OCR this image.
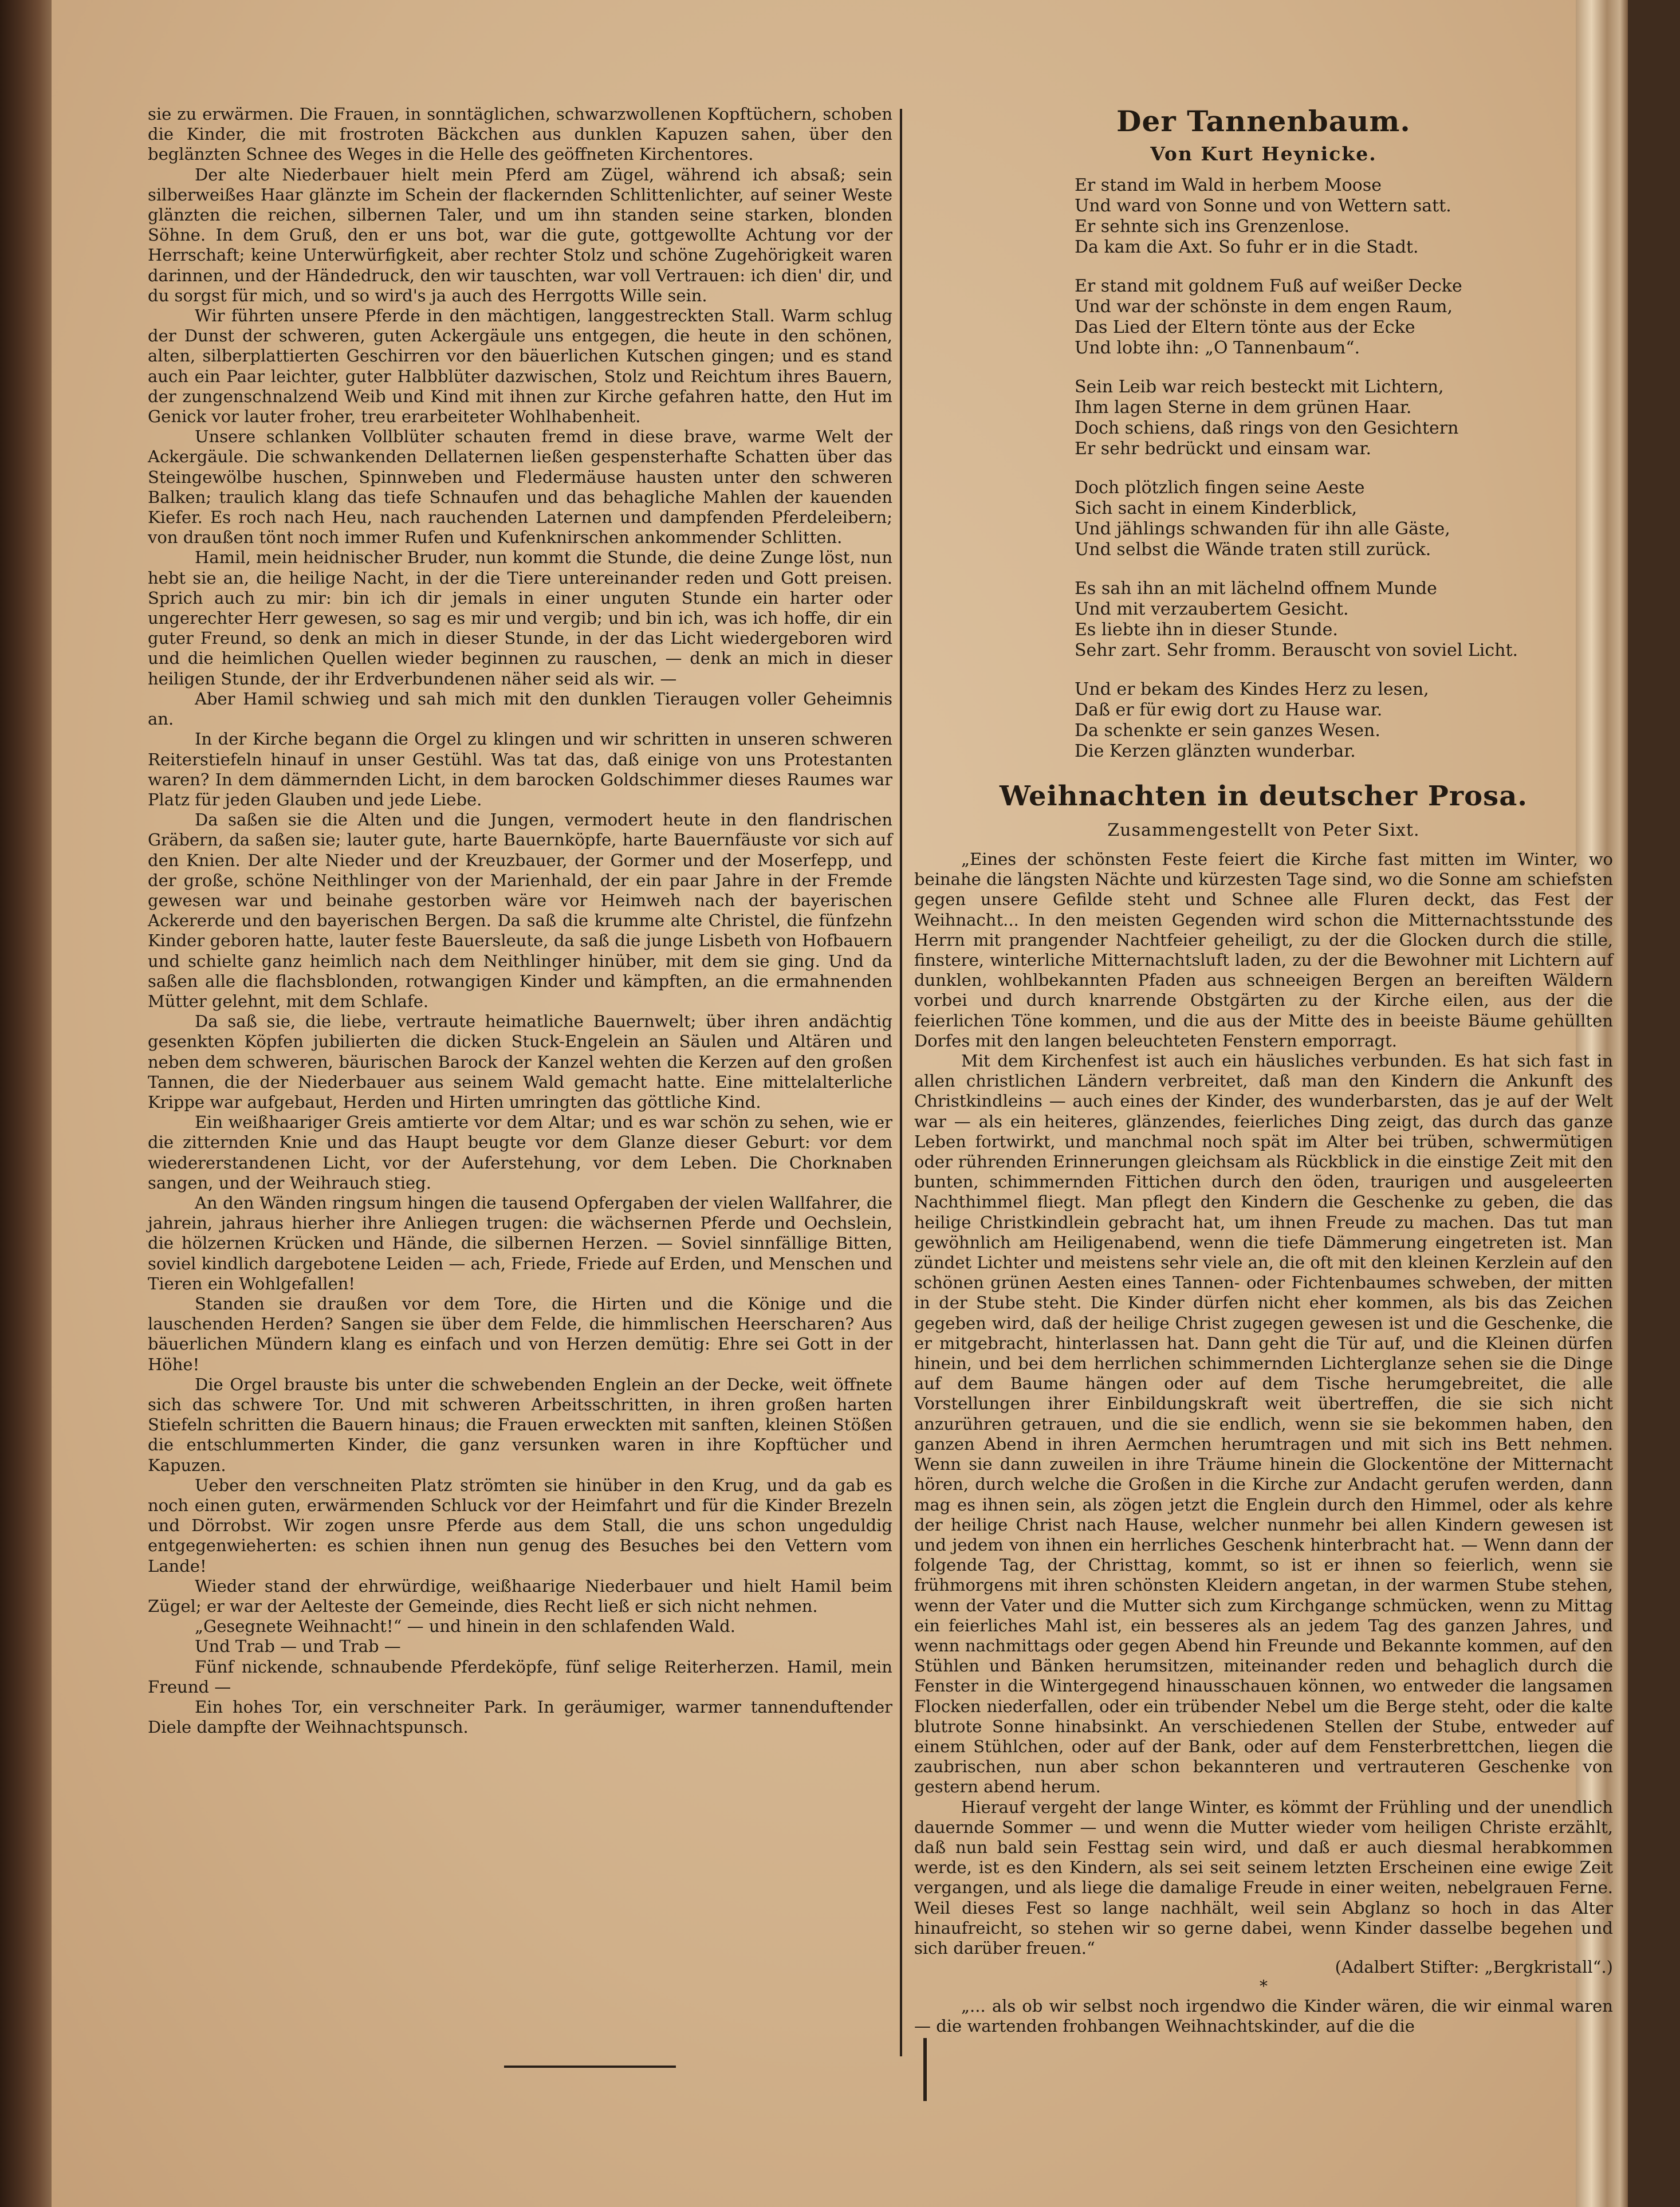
sie zu erwärmen. Die Frauen, in sonntäglichen, schwarzwollenen Kopftüchern, schoben die Kinder, die mit frostroten Bäckchen aus dunklen Kapuzen sahen, über den beglänzten Schnee des Weges in die Helle des geöffneten Kirchentores.

Der alte Niederbauer hielt mein Pferd am Zügel, während ich absaß; sein silberweißes Haar glänzte im Schein der flackernden Schlittenlichter, auf seiner Weste glänzten die reichen, silbernen Taler, und um ihn standen seine starken, blonden Söhne. In dem Gruß, den er uns bot, war die gute, gottgewollte Achtung vor der Herrschaft; keine Unterwürfigkeit, aber rechter Stolz und schöne Zugehörigkeit waren darinnen, und der Händedruck, den wir tauschten, war voll Vertrauen: ich dien' dir, und du sorgst für mich, und so wird's ja auch des Herrgotts Wille sein.

Wir führten unsere Pferde in den mächtigen, langgestreckten Stall. Warm schlug der Dunst der schweren, guten Ackergäule uns entgegen, die heute in den schönen, alten, silberplattierten Geschirren vor den bäuerlichen Kutschen gingen; und es stand auch ein Paar leichter, guter Halbblüter dazwischen, Stolz und Reichtum ihres Bauern, der zungenschnalzend Weib und Kind mit ihnen zur Kirche gefahren hatte, den Hut im Genick vor lauter froher, treu erarbeiteter Wohlhabenheit.

Unsere schlanken Vollblüter schauten fremd in diese brave, warme Welt der Ackergäule. Die schwankenden Dellaternen ließen gespensterhafte Schatten über das Steingewölbe huschen, Spinnweben und Fledermäuse hausten unter den schweren Balken; traulich klang das tiefe Schnaufen und das behagliche Mahlen der kauenden Kiefer. Es roch nach Heu, nach rauchenden Laternen und dampfenden Pferdeleibern; von draußen tönt noch immer Rufen und Kufenknirschen ankommender Schlitten.

Hamil, mein heidnischer Bruder, nun kommt die Stunde, die deine Zunge löst, nun hebt sie an, die heilige Nacht, in der die Tiere untereinander reden und Gott preisen. Sprich auch zu mir: bin ich dir jemals in einer unguten Stunde ein harter oder ungerechter Herr gewesen, so sag es mir und vergib; und bin ich, was ich hoffe, dir ein guter Freund, so denk an mich in dieser Stunde, in der das Licht wiedergeboren wird und die heimlichen Quellen wieder beginnen zu rauschen, — denk an mich in dieser heiligen Stunde, der ihr Erdverbundenen näher seid als wir. —

Aber Hamil schwieg und sah mich mit den dunklen Tieraugen voller Geheimnis an.

In der Kirche begann die Orgel zu klingen und wir schritten in unseren schweren Reiterstiefeln hinauf in unser Gestühl. Was tat das, daß einige von uns Protestanten waren? In dem dämmernden Licht, in dem barocken Goldschimmer dieses Raumes war Platz für jeden Glauben und jede Liebe.

Da saßen sie die Alten und die Jungen, vermodert heute in den flandrischen Gräbern, da saßen sie; lauter gute, harte Bauernköpfe, harte Bauernfäuste vor sich auf den Knien. Der alte Nieder und der Kreuzbauer, der Gormer und der Moserfepp, und der große, schöne Neithlinger von der Marienhald, der ein paar Jahre in der Fremde gewesen war und beinahe gestorben wäre vor Heimweh nach der bayerischen Ackererde und den bayerischen Bergen. Da saß die krumme alte Christel, die fünfzehn Kinder geboren hatte, lauter feste Bauersleute, da saß die junge Lisbeth von Hofbauern und schielte ganz heimlich nach dem Neithlinger hinüber, mit dem sie ging. Und da saßen alle die flachsblonden, rotwangigen Kinder und kämpften, an die ermahnenden Mütter gelehnt, mit dem Schlafe.

Da saß sie, die liebe, vertraute heimatliche Bauernwelt; über ihren andächtig gesenkten Köpfen jubilierten die dicken Stuck-Engelein an Säulen und Altären und neben dem schweren, bäurischen Barock der Kanzel wehten die Kerzen auf den großen Tannen, die der Niederbauer aus seinem Wald gemacht hatte. Eine mittelalterliche Krippe war aufgebaut, Herden und Hirten umringten das göttliche Kind.

Ein weißhaariger Greis amtierte vor dem Altar; und es war schön zu sehen, wie er die zitternden Knie und das Haupt beugte vor dem Glanze dieser Geburt: vor dem wiedererstandenen Licht, vor der Auferstehung, vor dem Leben. Die Chorknaben sangen, und der Weihrauch stieg.

An den Wänden ringsum hingen die tausend Opfergaben der vielen Wallfahrer, die jahrein, jahraus hierher ihre Anliegen trugen: die wächsernen Pferde und Oechslein, die hölzernen Krücken und Hände, die silbernen Herzen. — Soviel sinnfällige Bitten, soviel kindlich dargebotene Leiden — ach, Friede, Friede auf Erden, und Menschen und Tieren ein Wohlgefallen!

Standen sie draußen vor dem Tore, die Hirten und die Könige und die lauschenden Herden? Sangen sie über dem Felde, die himmlischen Heerscharen? Aus bäuerlichen Mündern klang es einfach und von Herzen demütig: Ehre sei Gott in der Höhe!

Die Orgel brauste bis unter die schwebenden Englein an der Decke, weit öffnete sich das schwere Tor. Und mit schweren Arbeitsschritten, in ihren großen harten Stiefeln schritten die Bauern hinaus; die Frauen erweckten mit sanften, kleinen Stößen die entschlummerten Kinder, die ganz versunken waren in ihre Kopftücher und Kapuzen.

Ueber den verschneiten Platz strömten sie hinüber in den Krug, und da gab es noch einen guten, erwärmenden Schluck vor der Heimfahrt und für die Kinder Brezeln und Dörrobst. Wir zogen unsre Pferde aus dem Stall, die uns schon ungeduldig entgegenwieherten: es schien ihnen nun genug des Besuches bei den Vettern vom Lande!

Wieder stand der ehrwürdige, weißhaarige Niederbauer und hielt Hamil beim Zügel; er war der Aelteste der Gemeinde, dies Recht ließ er sich nicht nehmen.

„Gesegnete Weihnacht!“ — und hinein in den schlafenden Wald.

Und Trab — und Trab —

Fünf nickende, schnaubende Pferdeköpfe, fünf selige Reiterherzen. Hamil, mein Freund —

Ein hohes Tor, ein verschneiter Park. In geräumiger, warmer tannenduftender Diele dampfte der Weihnachtspunsch.

Der Tannenbaum.
Von Kurt Heynicke.
Er stand im Wald in herbem Moose
Und ward von Sonne und von Wettern satt.
Er sehnte sich ins Grenzenlose.
Da kam die Axt. So fuhr er in die Stadt.
Er stand mit goldnem Fuß auf weißer Decke
Und war der schönste in dem engen Raum,
Das Lied der Eltern tönte aus der Ecke
Und lobte ihn: „O Tannenbaum“.
Sein Leib war reich besteckt mit Lichtern,
Ihm lagen Sterne in dem grünen Haar.
Doch schiens, daß rings von den Gesichtern
Er sehr bedrückt und einsam war.
Doch plötzlich fingen seine Aeste
Sich sacht in einem Kinderblick,
Und jählings schwanden für ihn alle Gäste,
Und selbst die Wände traten still zurück.
Es sah ihn an mit lächelnd offnem Munde
Und mit verzaubertem Gesicht.
Es liebte ihn in dieser Stunde.
Sehr zart. Sehr fromm. Berauscht von soviel Licht.
Und er bekam des Kindes Herz zu lesen,
Daß er für ewig dort zu Hause war.
Da schenkte er sein ganzes Wesen.
Die Kerzen glänzten wunderbar.
Weihnachten in deutscher Prosa.
Zusammengestellt von Peter Sixt.

„Eines der schönsten Feste feiert die Kirche fast mitten im Winter, wo beinahe die längsten Nächte und kürzesten Tage sind, wo die Sonne am schiefsten gegen unsere Gefilde steht und Schnee alle Fluren deckt, das Fest der Weihnacht... In den meisten Gegenden wird schon die Mitternachtsstunde des Herrn mit prangender Nachtfeier geheiligt, zu der die Glocken durch die stille, finstere, winterliche Mitternachtsluft laden, zu der die Bewohner mit Lichtern auf dunklen, wohlbekannten Pfaden aus schneeigen Bergen an bereiften Wäldern vorbei und durch knarrende Obstgärten zu der Kirche eilen, aus der die feierlichen Töne kommen, und die aus der Mitte des in beeiste Bäume gehüllten Dorfes mit den langen beleuchteten Fenstern emporragt.

Mit dem Kirchenfest ist auch ein häusliches verbunden. Es hat sich fast in allen christlichen Ländern verbreitet, daß man den Kindern die Ankunft des Christkindleins — auch eines der Kinder, des wunderbarsten, das je auf der Welt war — als ein heiteres, glänzendes, feierliches Ding zeigt, das durch das ganze Leben fortwirkt, und manchmal noch spät im Alter bei trüben, schwermütigen oder rührenden Erinnerungen gleichsam als Rückblick in die einstige Zeit mit den bunten, schimmernden Fittichen durch den öden, traurigen und ausgeleerten Nachthimmel fliegt. Man pflegt den Kindern die Geschenke zu geben, die das heilige Christkindlein gebracht hat, um ihnen Freude zu machen. Das tut man gewöhnlich am Heiligenabend, wenn die tiefe Dämmerung eingetreten ist. Man zündet Lichter und meistens sehr viele an, die oft mit den kleinen Kerzlein auf den schönen grünen Aesten eines Tannen- oder Fichtenbaumes schweben, der mitten in der Stube steht. Die Kinder dürfen nicht eher kommen, als bis das Zeichen gegeben wird, daß der heilige Christ zugegen gewesen ist und die Geschenke, die er mitgebracht, hinterlassen hat. Dann geht die Tür auf, und die Kleinen dürfen hinein, und bei dem herrlichen schimmernden Lichterglanze sehen sie die Dinge auf dem Baume hängen oder auf dem Tische herumgebreitet, die alle Vorstellungen ihrer Einbildungskraft weit übertreffen, die sie sich nicht anzurühren getrauen, und die sie endlich, wenn sie sie bekommen haben, den ganzen Abend in ihren Aermchen herumtragen und mit sich ins Bett nehmen. Wenn sie dann zuweilen in ihre Träume hinein die Glockentöne der Mitternacht hören, durch welche die Großen in die Kirche zur Andacht gerufen werden, dann mag es ihnen sein, als zögen jetzt die Englein durch den Himmel, oder als kehre der heilige Christ nach Hause, welcher nunmehr bei allen Kindern gewesen ist und jedem von ihnen ein herrliches Geschenk hinterbracht hat. — Wenn dann der folgende Tag, der Christtag, kommt, so ist er ihnen so feierlich, wenn sie frühmorgens mit ihren schönsten Kleidern angetan, in der warmen Stube stehen, wenn der Vater und die Mutter sich zum Kirchgange schmücken, wenn zu Mittag ein feierliches Mahl ist, ein besseres als an jedem Tag des ganzen Jahres, und wenn nachmittags oder gegen Abend hin Freunde und Bekannte kommen, auf den Stühlen und Bänken herumsitzen, miteinander reden und behaglich durch die Fenster in die Wintergegend hinausschauen können, wo entweder die langsamen Flocken niederfallen, oder ein trübender Nebel um die Berge steht, oder die kalte blutrote Sonne hinabsinkt. An verschiedenen Stellen der Stube, entweder auf einem Stühlchen, oder auf der Bank, oder auf dem Fensterbrettchen, liegen die zaubrischen, nun aber schon bekannteren und vertrauteren Geschenke von gestern abend herum.

Hierauf vergeht der lange Winter, es kömmt der Frühling und der unendlich dauernde Sommer — und wenn die Mutter wieder vom heiligen Christe erzählt, daß nun bald sein Festtag sein wird, und daß er auch diesmal herabkommen werde, ist es den Kindern, als sei seit seinem letzten Erscheinen eine ewige Zeit vergangen, und als liege die damalige Freude in einer weiten, nebelgrauen Ferne. Weil dieses Fest so lange nachhält, weil sein Abglanz so hoch in das Alter hinaufreicht, so stehen wir so gerne dabei, wenn Kinder dasselbe begehen und sich darüber freuen.“

(Adalbert Stifter: „Bergkristall“.)
*

„... als ob wir selbst noch irgendwo die Kinder wären, die wir einmal waren — die wartenden frohbangen Weihnachtskinder, auf die die
